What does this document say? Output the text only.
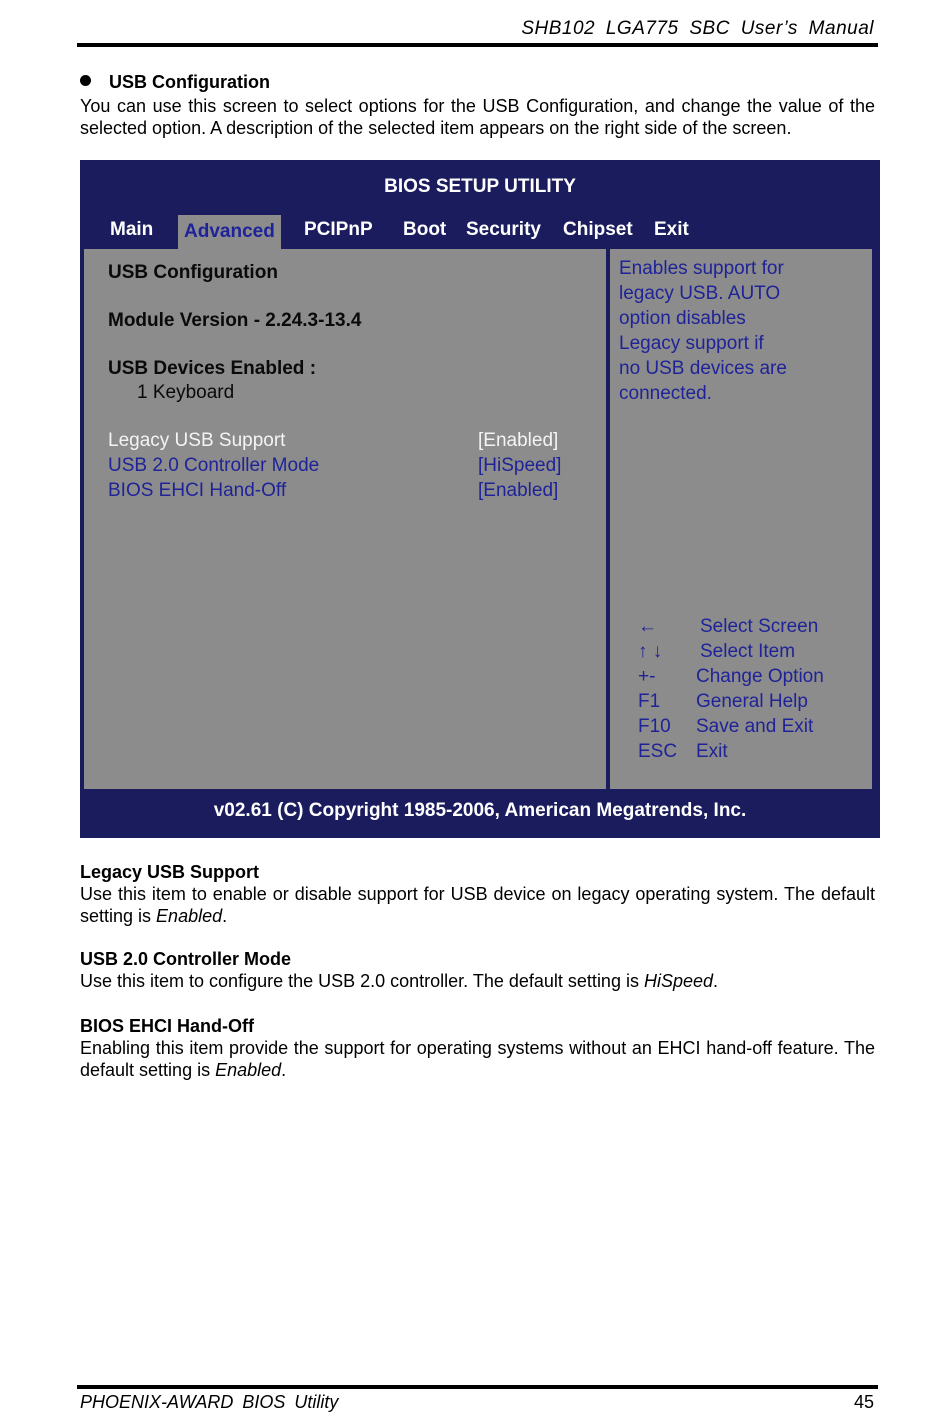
SHB102 LGA775 SBC User’s Manual
USB Configuration
You can use this screen to select options for the USB Configuration, and change the value of the selected option. A description of the selected item appears on the right side of the screen.
BIOS SETUP UTILITY
Main	Advanced	PCIPnP Boot Security Chipset Exit
USB Configuration
Module Version - 2.24.3-13.4
USB Devices Enabled :
1 Keyboard
Legacy USB Support	[Enabled]
USB 2.0 Controller Mode	[HiSpeed]
BIOS EHCI Hand-Off	[Enabled]
Enables support for
legacy USB. AUTO
option disables
Legacy support if
no USB devices are
connected.
← Select Screen
↑ ↓ Select Item
+- Change Option
F1 General Help
F10 Save and Exit
ESC Exit
v02.61 (C) Copyright 1985-2006, American Megatrends, Inc.
Legacy USB Support
Use this item to enable or disable support for USB device on legacy operating system. The default setting is Enabled.
USB 2.0 Controller Mode
Use this item to configure the USB 2.0 controller. The default setting is HiSpeed.
BIOS EHCI Hand-Off
Enabling this item provide the support for operating systems without an EHCI hand-off feature. The default setting is Enabled.
PHOENIX-AWARD BIOS Utility	45
